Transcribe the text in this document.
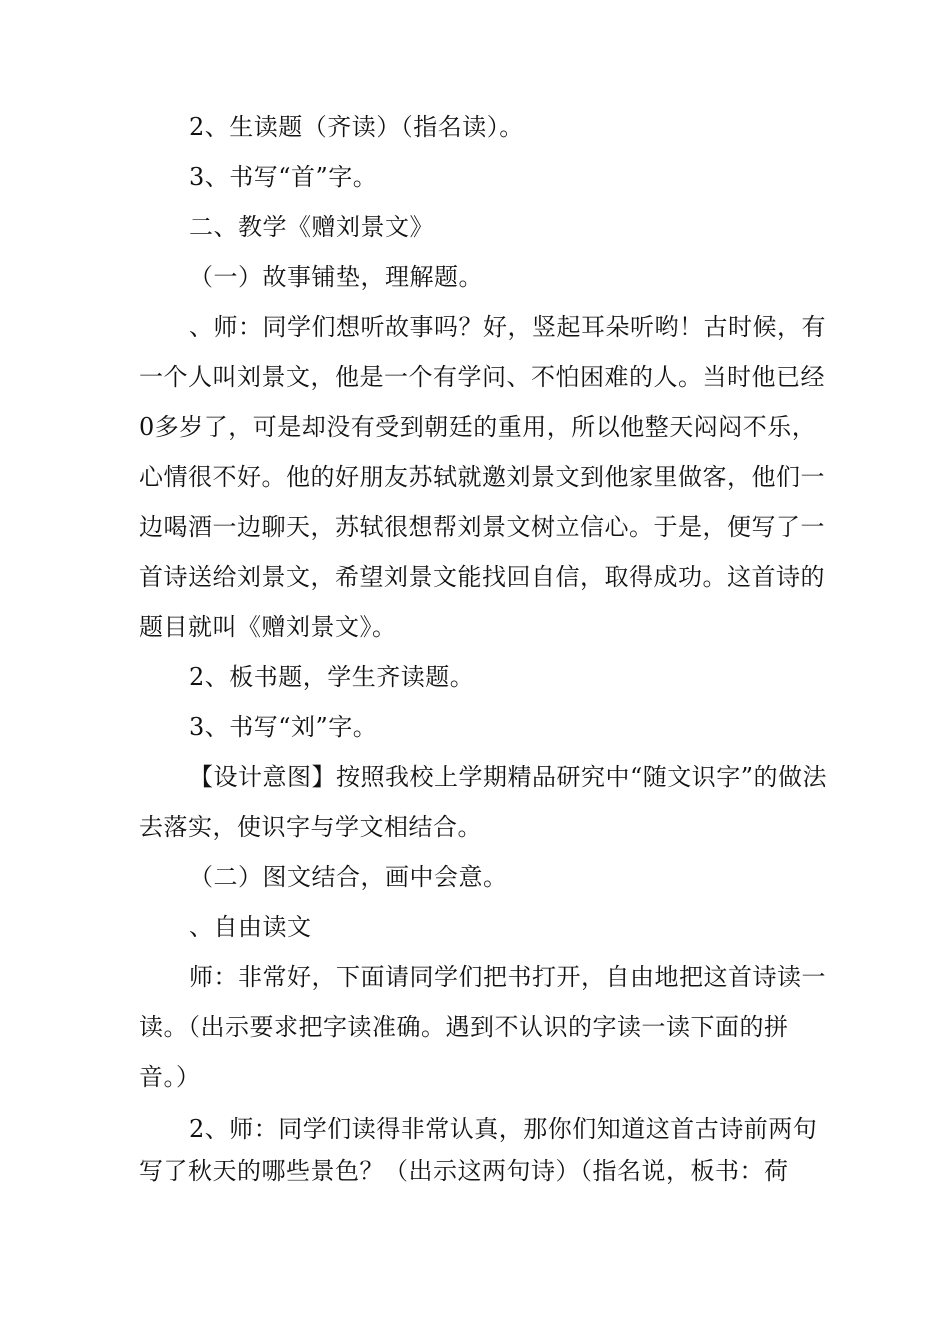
2、生读题（齐读）（指名读）。

3、书写“首”字。

二、教学《赠刘景文》

（一）故事铺垫，理解题。

、师：同学们想听故事吗？好，竖起耳朵听哟！古时候，有一个人叫刘景文，他是一个有学问、不怕困难的人。当时他已经0多岁了，可是却没有受到朝廷的重用，所以他整天闷闷不乐，心情很不好。他的好朋友苏轼就邀刘景文到他家里做客，他们一边喝酒一边聊天，苏轼很想帮刘景文树立信心。于是，便写了一首诗送给刘景文，希望刘景文能找回自信，取得成功。这首诗的题目就叫《赠刘景文》。

2、板书题，学生齐读题。

3、书写“刘”字。

【设计意图】按照我校上学期精品研究中“随文识字”的做法去落实，使识字与学文相结合。

（二）图文结合，画中会意。

、自由读文

师：非常好，下面请同学们把书打开，自由地把这首诗读一读。（出示要求把字读准确。遇到不认识的字读一读下面的拼音。）

2、师：同学们读得非常认真，那你们知道这首古诗前两句写了秋天的哪些景色？（出示这两句诗）（指名说，板书：荷
